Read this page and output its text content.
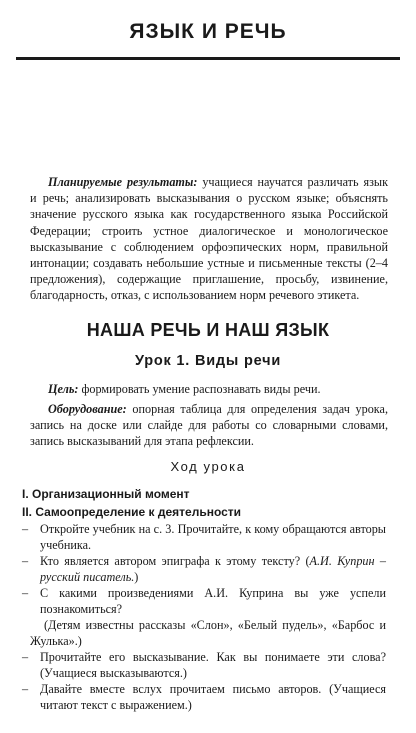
ЯЗЫК И РЕЧЬ

Планируемые результаты: учащиеся научатся различать язык и речь; анализировать высказывания о русском языке; объяснять значение русского языка как государственного языка Российской Федерации; строить устное диалогическое и монологическое высказывание с соблюдением орфоэпических норм, правильной интонации; создавать небольшие устные и письменные тексты (2–4 предложения), содержащие приглашение, просьбу, извинение, благодарность, отказ, с использованием норм речевого этикета.

НАША РЕЧЬ И НАШ ЯЗЫК
Урок 1. Виды речи

Цель: формировать умение распознавать виды речи.

Оборудование: опорная таблица для определения задач урока, запись на доске или слайде для работы со словарными словами, запись высказываний для этапа рефлексии.

Ход урока
I. Организационный момент
II. Самоопределение к деятельности

– Откройте учебник на с. 3. Прочитайте, к кому обращаются авторы учебника.

– Кто является автором эпиграфа к этому тексту? (А.И. Куприн – русский писатель.)

– С какими произведениями А.И. Куприна вы уже успели познакомиться?

(Детям известны рассказы «Слон», «Белый пудель», «Барбос и Жулька».)

– Прочитайте его высказывание. Как вы понимаете эти слова? (Учащиеся высказываются.)

– Давайте вместе вслух прочитаем письмо авторов. (Учащиеся читают текст с выражением.)
